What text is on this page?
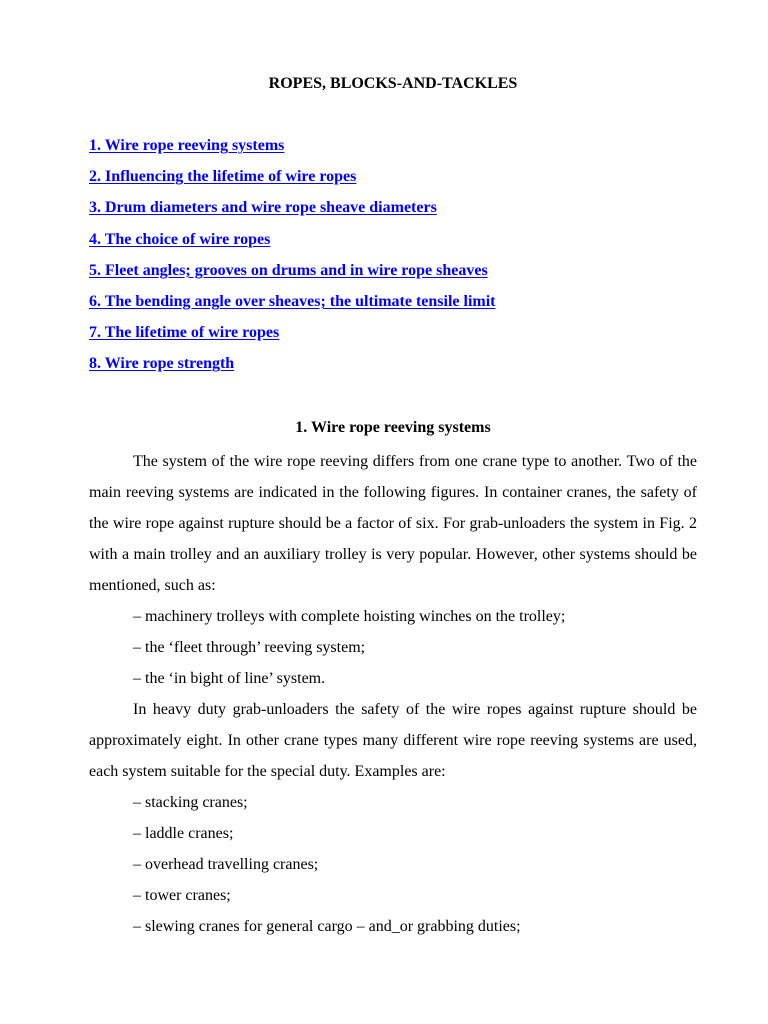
ROPES, BLOCKS-AND-TACKLES
1. Wire rope reeving systems
2. Influencing the lifetime of wire ropes
3. Drum diameters and wire rope sheave diameters
4. The choice of wire ropes
5. Fleet angles; grooves on drums and in wire rope sheaves
6. The bending angle over sheaves; the ultimate tensile limit
7. The lifetime of wire ropes
8. Wire rope strength
1. Wire rope reeving systems

The system of the wire rope reeving differs from one crane type to another. Two of the main reeving systems are indicated in the following figures. In container cranes, the safety of the wire rope against rupture should be a factor of six. For grab-unloaders the system in Fig. 2 with a main trolley and an auxiliary trolley is very popular. However, other systems should be mentioned, such as:

– machinery trolleys with complete hoisting winches on the trolley;

– the ‘fleet through’ reeving system;

– the ‘in bight of line’ system.

In heavy duty grab-unloaders the safety of the wire ropes against rupture should be approximately eight. In other crane types many different wire rope reeving systems are used, each system suitable for the special duty. Examples are:

– stacking cranes;

– laddle cranes;

– overhead travelling cranes;

– tower cranes;

– slewing cranes for general cargo – and_or grabbing duties;
